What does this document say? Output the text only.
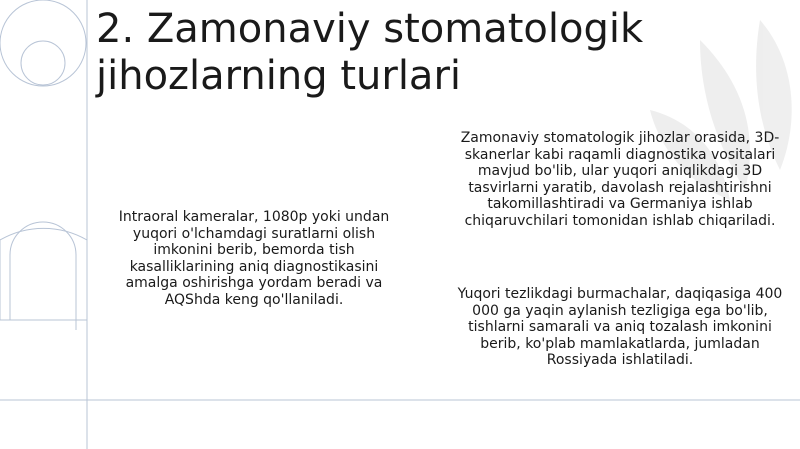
2. Zamonaviy stomatologik jihozlarning turlari

Intraoral kameralar, 1080p yoki undan yuqori o'lchamdagi suratlarni olish imkonini berib, bemorda tish kasalliklarining aniq diagnostikasini amalga oshirishga yordam beradi va AQShda keng qo'llaniladi.

Zamonaviy stomatologik jihozlar orasida, 3D-skanerlar kabi raqamli diagnostika vositalari mavjud bo'lib, ular yuqori aniqlikdagi 3D tasvirlarni yaratib, davolash rejalashtirishni takomillashtiradi va Germaniya ishlab chiqaruvchilari tomonidan ishlab chiqariladi.

Yuqori tezlikdagi burmachalar, daqiqasiga 400 000 ga yaqin aylanish tezligiga ega bo'lib, tishlarni samarali va aniq tozalash imkonini berib, ko'plab mamlakatlarda, jumladan Rossiyada ishlatiladi.
